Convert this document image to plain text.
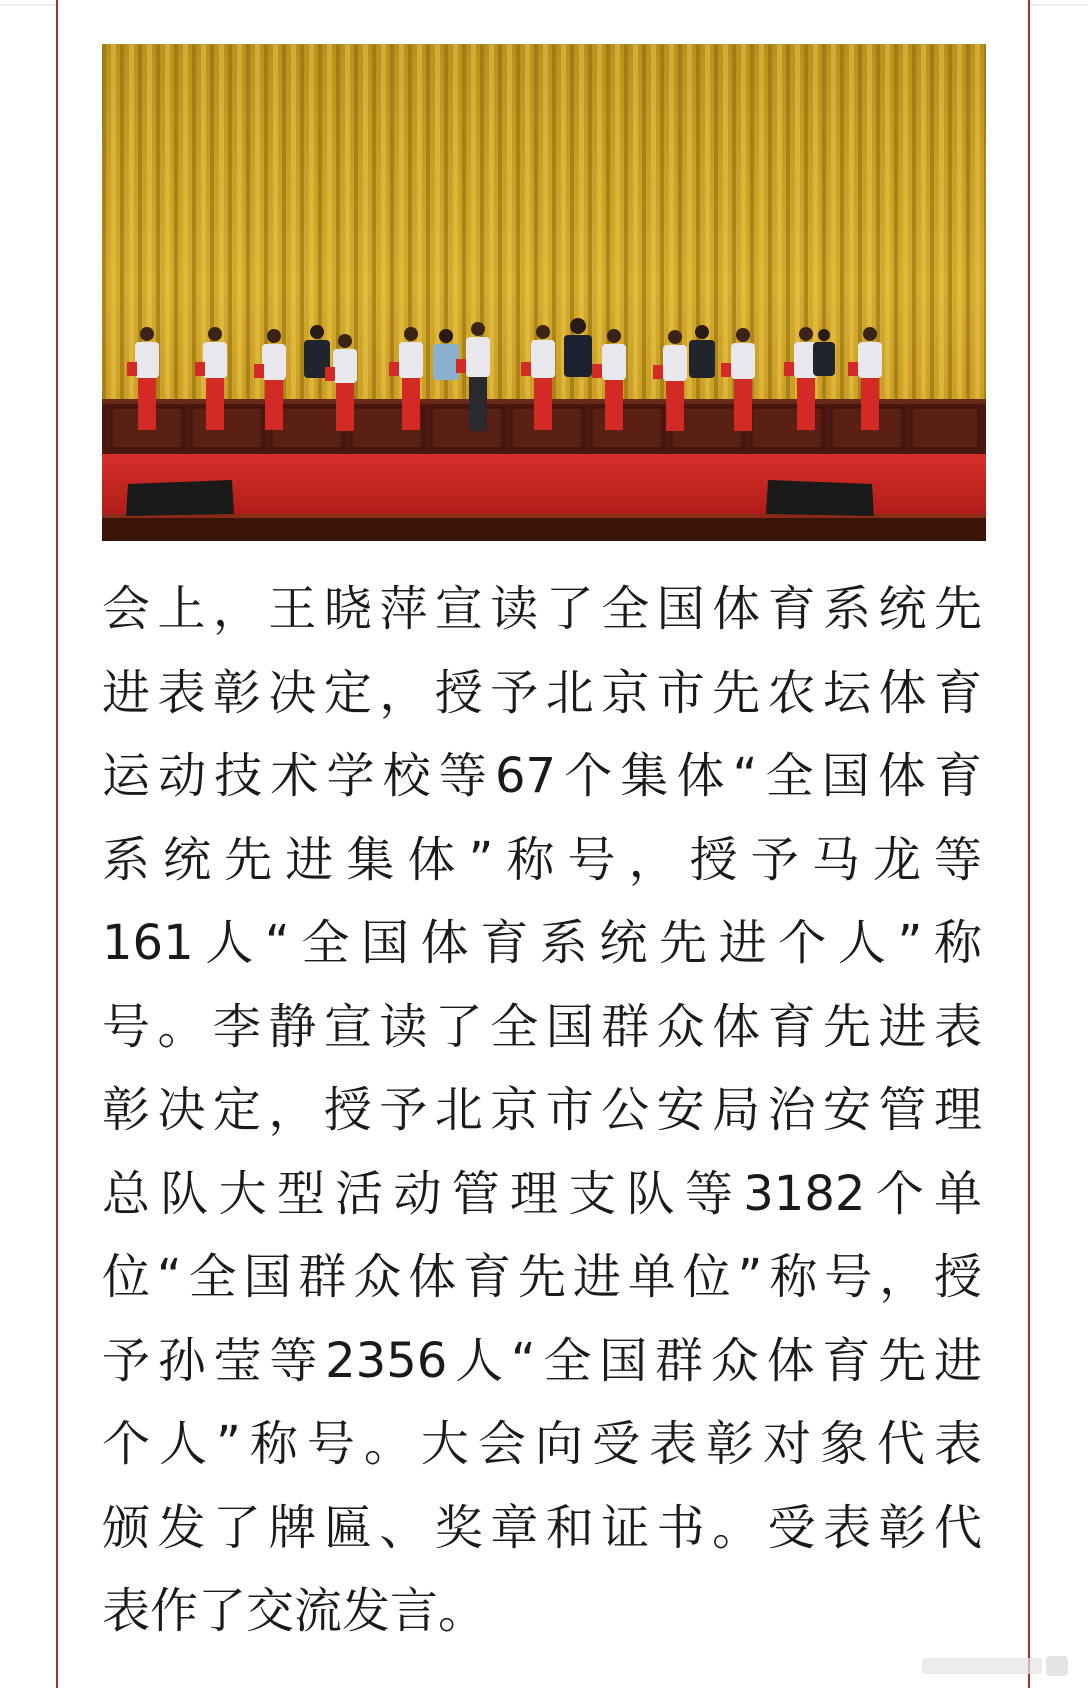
会上，王晓萍宣读了全国体育系统先
进表彰决定，授予北京市先农坛体育
运动技术学校等67个集体“全国体育
系统先进集体”称号，授予马龙等
161人“全国体育系统先进个人”称
号。李静宣读了全国群众体育先进表
彰决定，授予北京市公安局治安管理
总队大型活动管理支队等3182个单
位“全国群众体育先进单位”称号，授
予孙莹等2356人“全国群众体育先进
个人”称号。大会向受表彰对象代表
颁发了牌匾、奖章和证书。受表彰代
表作了交流发言。
